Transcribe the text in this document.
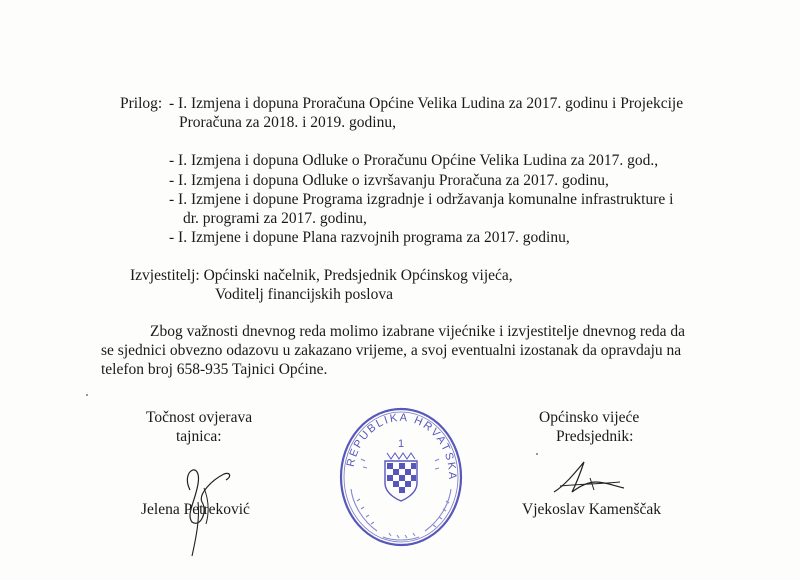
Prilog: - I. Izmjena i dopuna Proračuna Općine Velika Ludina za 2017. godinu i Projekcije
Proračuna za 2018. i 2019. godinu,
- I. Izmjena i dopuna Odluke o Proračunu Općine Velika Ludina za 2017. god.,
- I. Izmjena i dopuna Odluke o izvršavanju Proračuna za 2017. godinu,
- I. Izmjene i dopune Programa izgradnje i održavanja komunalne infrastrukture i
dr. programi za 2017. godinu,
- I. Izmjene i dopune Plana razvojnih programa za 2017. godinu,
Izvjestitelj: Općinski načelnik, Predsjednik Općinskog vijeća,
Voditelj financijskih poslova
Zbog važnosti dnevnog reda molimo izabrane vijećnike i izvjestitelje dnevnog reda da
se sjednici obvezno odazovu u zakazano vrijeme, a svoj eventualni izostanak da opravdaju na
telefon broj 658-935 Tajnici Općine.
Točnost ovjerava
tajnica:
Jelena Petreković
Općinsko vijeće
Predsjednik:
Vjekoslav Kamenščak
REPUBLIKA HRVATSKA
1
